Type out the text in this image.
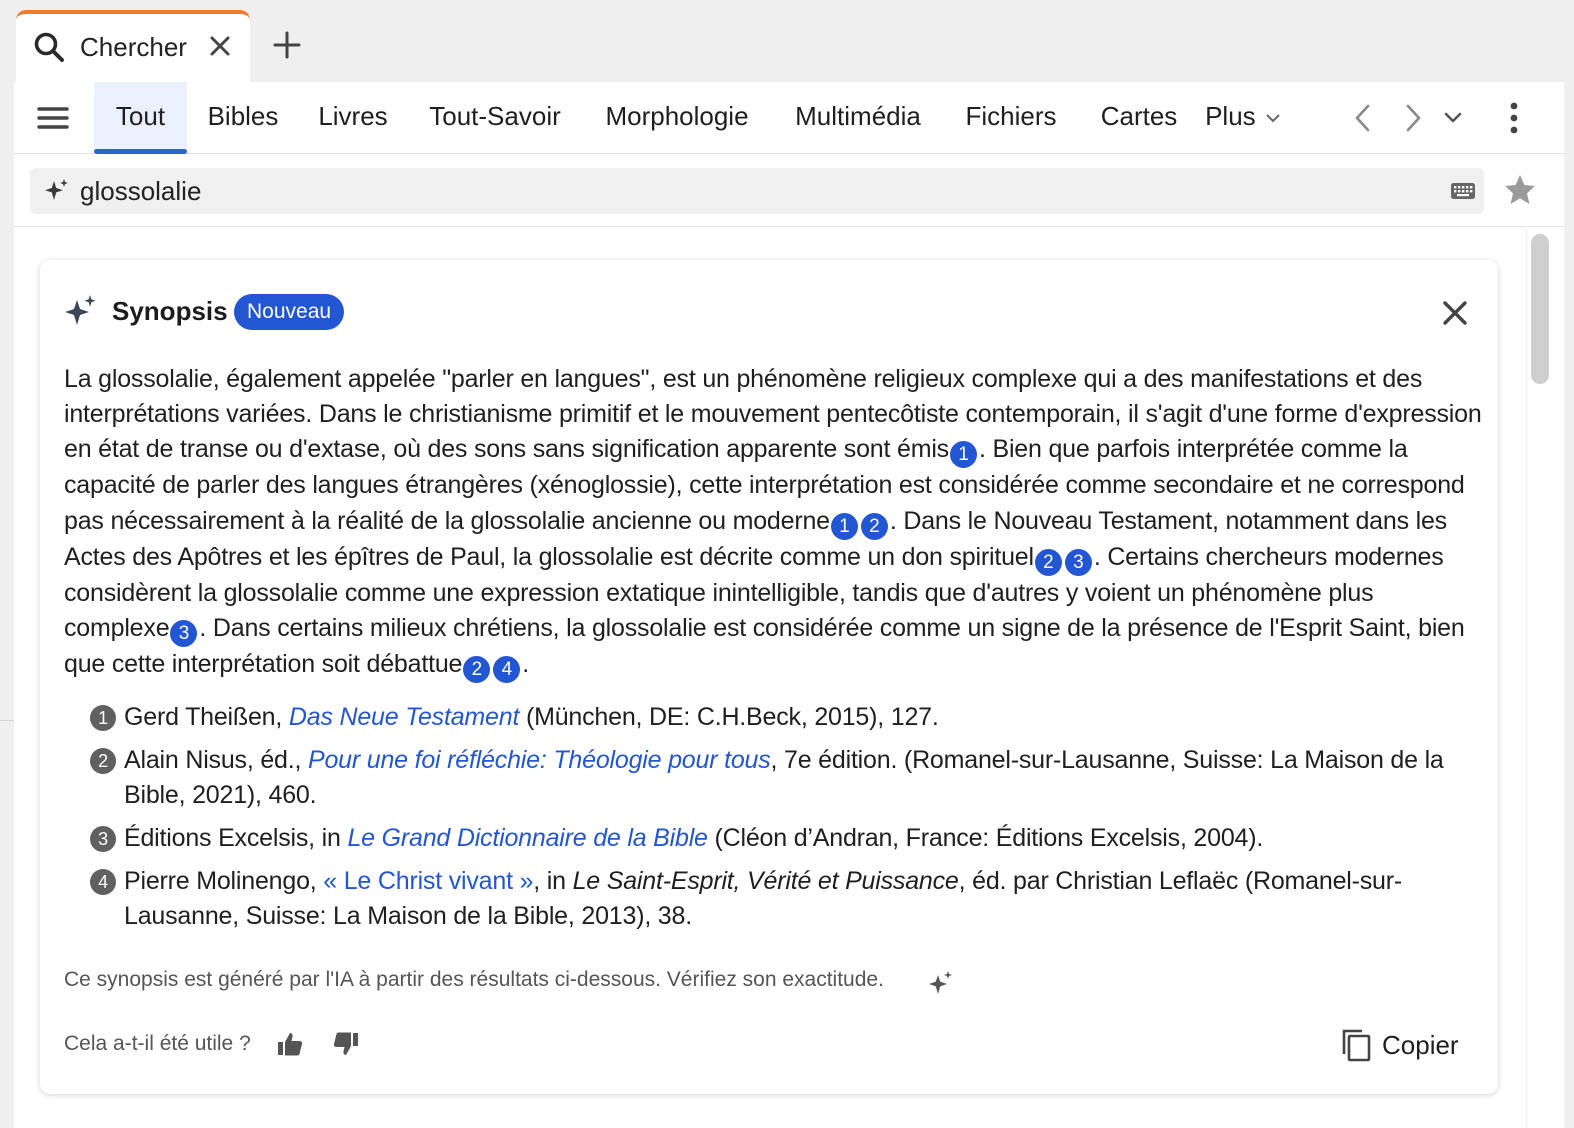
Chercher
Tout	Bibles	Livres	Tout-Savoir	Morphologie	Multimédia	Fichiers	Cartes	Plus
glossolalie
Synopsis Nouveau

La glossolalie, également appelée "parler en langues", est un phénomène religieux complexe qui a des manifestations et des interprétations variées. Dans le christianisme primitif et le mouvement pentecôtiste contemporain, il s'agit d'une forme d'expression en état de transe ou d'extase, où des sons sans signification apparente sont émis 1 . Bien que parfois interprétée comme la capacité de parler des langues étrangères (xénoglossie), cette interprétation est considérée comme secondaire et ne correspond pas nécessairement à la réalité de la glossolalie ancienne ou moderne 1 2 . Dans le Nouveau Testament, notamment dans les Actes des Apôtres et les épîtres de Paul, la glossolalie est décrite comme un don spirituel 2 3 . Certains chercheurs modernes considèrent la glossolalie comme une expression extatique inintelligible, tandis que d'autres y voient un phénomène plus complexe 3 . Dans certains milieux chrétiens, la glossolalie est considérée comme un signe de la présence de l'Esprit Saint, bien que cette interprétation soit débattue 2 4 .

1 Gerd Theißen, Das Neue Testament (München, DE: C.H.Beck, 2015), 127.
2 Alain Nisus, éd., Pour une foi réfléchie: Théologie pour tous, 7e édition. (Romanel-sur-Lausanne, Suisse: La Maison de la Bible, 2021), 460.
3 Éditions Excelsis, in Le Grand Dictionnaire de la Bible (Cléon d’Andran, France: Éditions Excelsis, 2004).
4 Pierre Molinengo, « Le Christ vivant », in Le Saint-Esprit, Vérité et Puissance, éd. par Christian Leflaëc (Romanel-sur-Lausanne, Suisse: La Maison de la Bible, 2013), 38.
Ce synopsis est généré par l'IA à partir des résultats ci-dessous. Vérifiez son exactitude.
Cela a-t-il été utile ?	Copier
